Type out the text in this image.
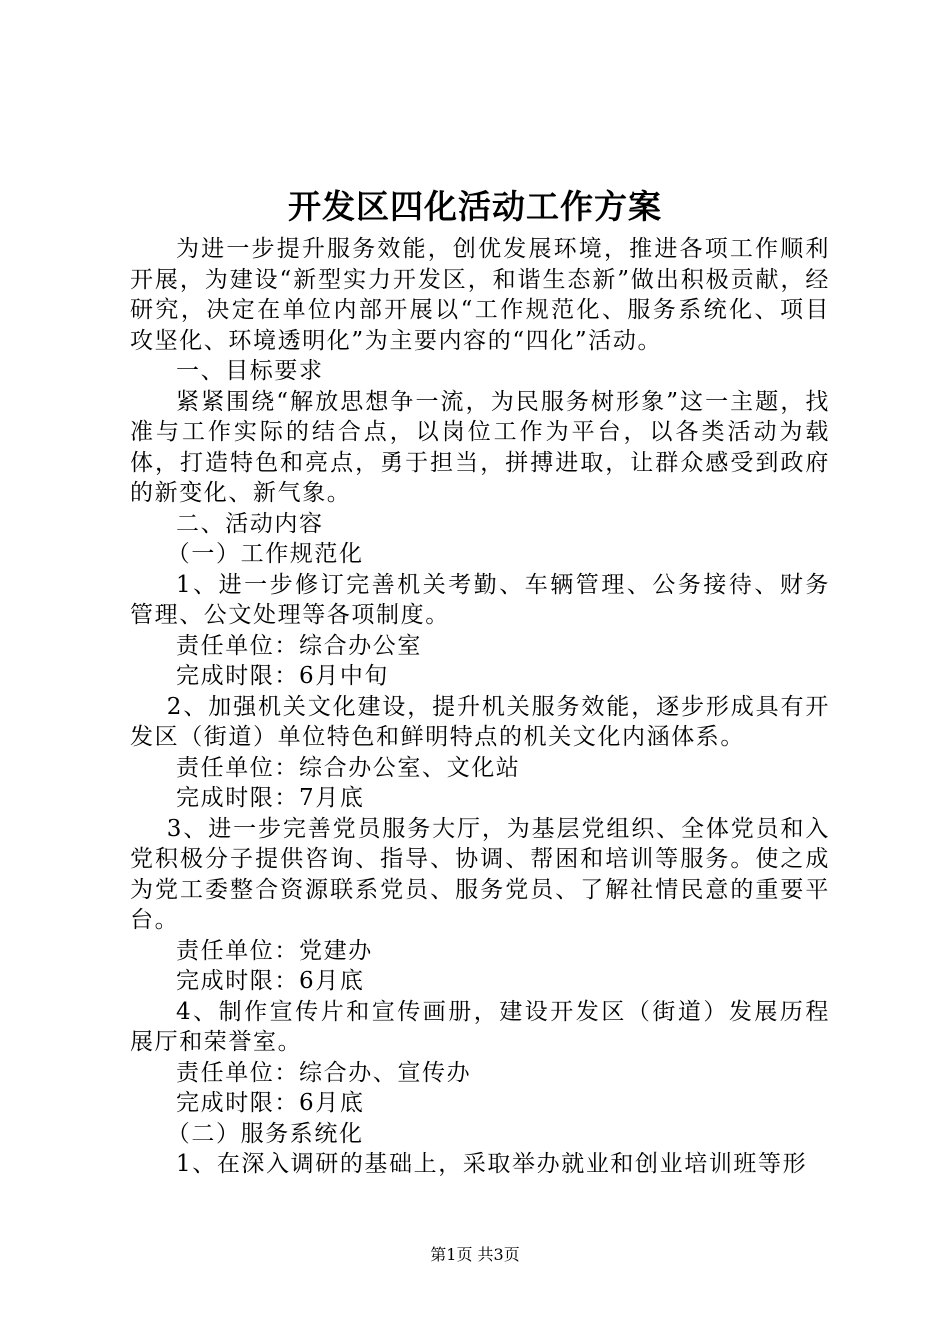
开发区四化活动工作方案

为进一步提升服务效能，创优发展环境，推进各项工作顺利开展，为建设“新型实力开发区，和谐生态新”做出积极贡献，经研究，决定在单位内部开展以“工作规范化、服务系统化、项目攻坚化、环境透明化”为主要内容的“四化”活动。

一、目标要求

紧紧围绕“解放思想争一流，为民服务树形象”这一主题，找准与工作实际的结合点，以岗位工作为平台，以各类活动为载体，打造特色和亮点，勇于担当，拼搏进取，让群众感受到政府的新变化、新气象。

二、活动内容

（一）工作规范化

1、进一步修订完善机关考勤、车辆管理、公务接待、财务管理、公文处理等各项制度。

责任单位：综合办公室

完成时限：6月中旬

2、加强机关文化建设，提升机关服务效能，逐步形成具有开发区（街道）单位特色和鲜明特点的机关文化内涵体系。

责任单位：综合办公室、文化站

完成时限：7月底

3、进一步完善党员服务大厅，为基层党组织、全体党员和入党积极分子提供咨询、指导、协调、帮困和培训等服务。使之成为党工委整合资源联系党员、服务党员、了解社情民意的重要平台。

责任单位：党建办

完成时限：6月底

4、制作宣传片和宣传画册，建设开发区（街道）发展历程展厅和荣誉室。

责任单位：综合办、宣传办

完成时限：6月底

（二）服务系统化

1、在深入调研的基础上，采取举办就业和创业培训班等形

第1页 共3页
